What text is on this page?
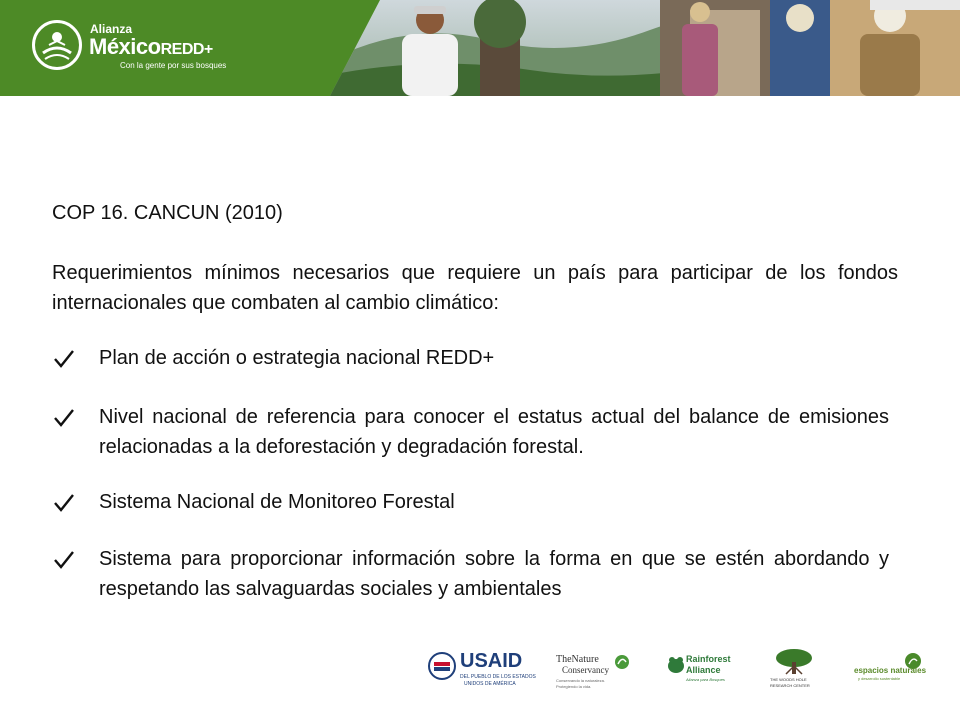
Alianza
MéxicoREDD+
Con la gente por sus bosques
COP 16. CANCUN (2010)
Requerimientos mínimos necesarios que requiere un país para participar de los fondos internacionales que combaten al cambio climático:
Plan de acción o estrategia nacional REDD+
Nivel nacional de referencia para conocer el estatus actual del balance de emisiones relacionadas a la deforestación y degradación forestal.
Sistema Nacional de Monitoreo Forestal
Sistema para proporcionar información sobre la forma en que se estén abordando y respetando las salvaguardas sociales y ambientales
USAID
DEL PUEBLO DE LOS ESTADOS
UNIDOS DE AMÉRICA
TheNature
Conservancy
Conservando la naturaleza. Protegiendo la vida.
Rainforest
Alliance
Alianza para Bosques	THE WOODS HOLE
RESEARCH CENTER
espacios naturales
y desarrollo sustentable
